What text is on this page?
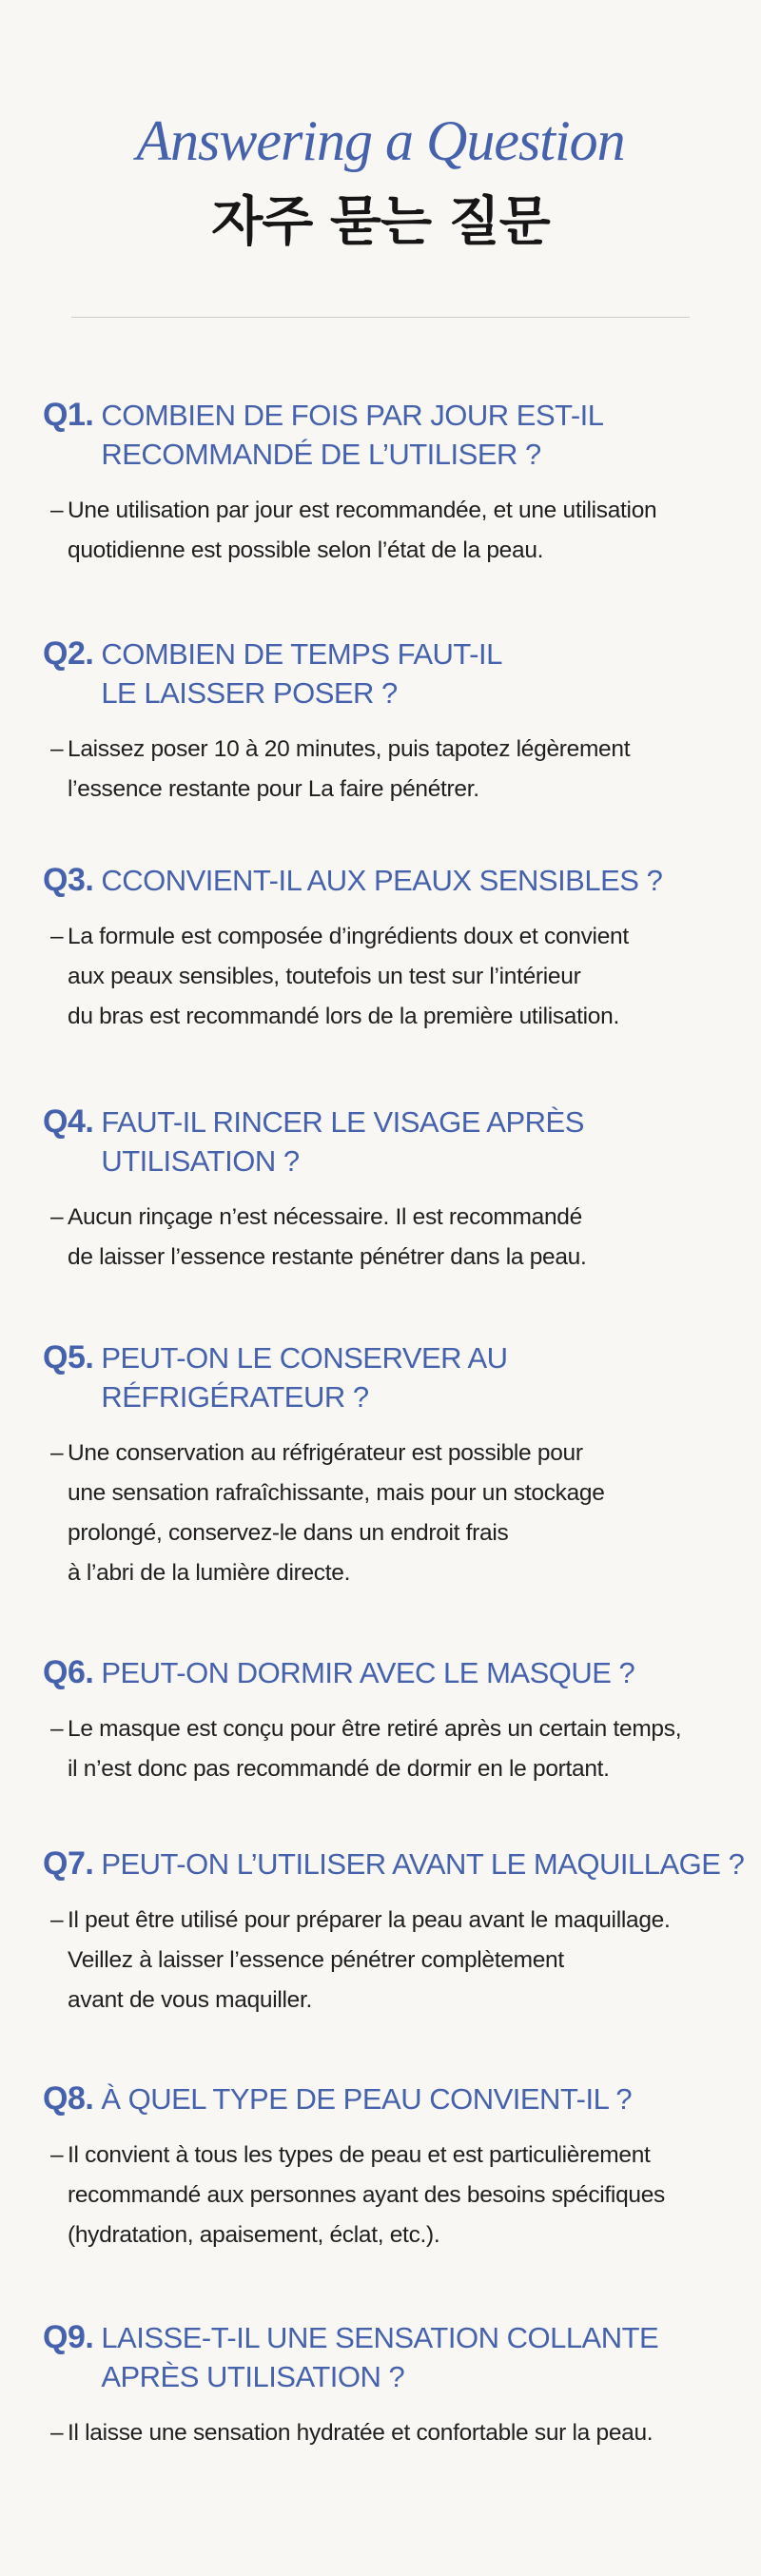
Answering a Question
자주 묻는 질문
Q1. COMBIEN DE FOIS PAR JOUR EST-IL
RECOMMANDÉ DE L’UTILISER ?
– Une utilisation par jour est recommandée, et une utilisation
quotidienne est possible selon l’état de la peau.
Q2. COMBIEN DE TEMPS FAUT-IL
LE LAISSER POSER ?
– Laissez poser 10 à 20 minutes, puis tapotez légèrement
l’essence restante pour La faire pénétrer.
Q3. CCONVIENT-IL AUX PEAUX SENSIBLES ?
– La formule est composée d’ingrédients doux et convient
aux peaux sensibles, toutefois un test sur l’intérieur
du bras est recommandé lors de la première utilisation.
Q4. FAUT-IL RINCER LE VISAGE APRÈS
UTILISATION ?
– Aucun rinçage n’est nécessaire. Il est recommandé
de laisser l’essence restante pénétrer dans la peau.
Q5. PEUT-ON LE CONSERVER AU
RÉFRIGÉRATEUR ?
– Une conservation au réfrigérateur est possible pour
une sensation rafraîchissante, mais pour un stockage
prolongé, conservez-le dans un endroit frais
à l’abri de la lumière directe.
Q6. PEUT-ON DORMIR AVEC LE MASQUE ?
– Le masque est conçu pour être retiré après un certain temps,
il n’est donc pas recommandé de dormir en le portant.
Q7. PEUT-ON L’UTILISER AVANT LE MAQUILLAGE ?
– Il peut être utilisé pour préparer la peau avant le maquillage.
Veillez à laisser l’essence pénétrer complètement
avant de vous maquiller.
Q8. À QUEL TYPE DE PEAU CONVIENT-IL ?
– Il convient à tous les types de peau et est particulièrement
recommandé aux personnes ayant des besoins spécifiques
(hydratation, apaisement, éclat, etc.).
Q9. LAISSE-T-IL UNE SENSATION COLLANTE
APRÈS UTILISATION ?
– Il laisse une sensation hydratée et confortable sur la peau.
